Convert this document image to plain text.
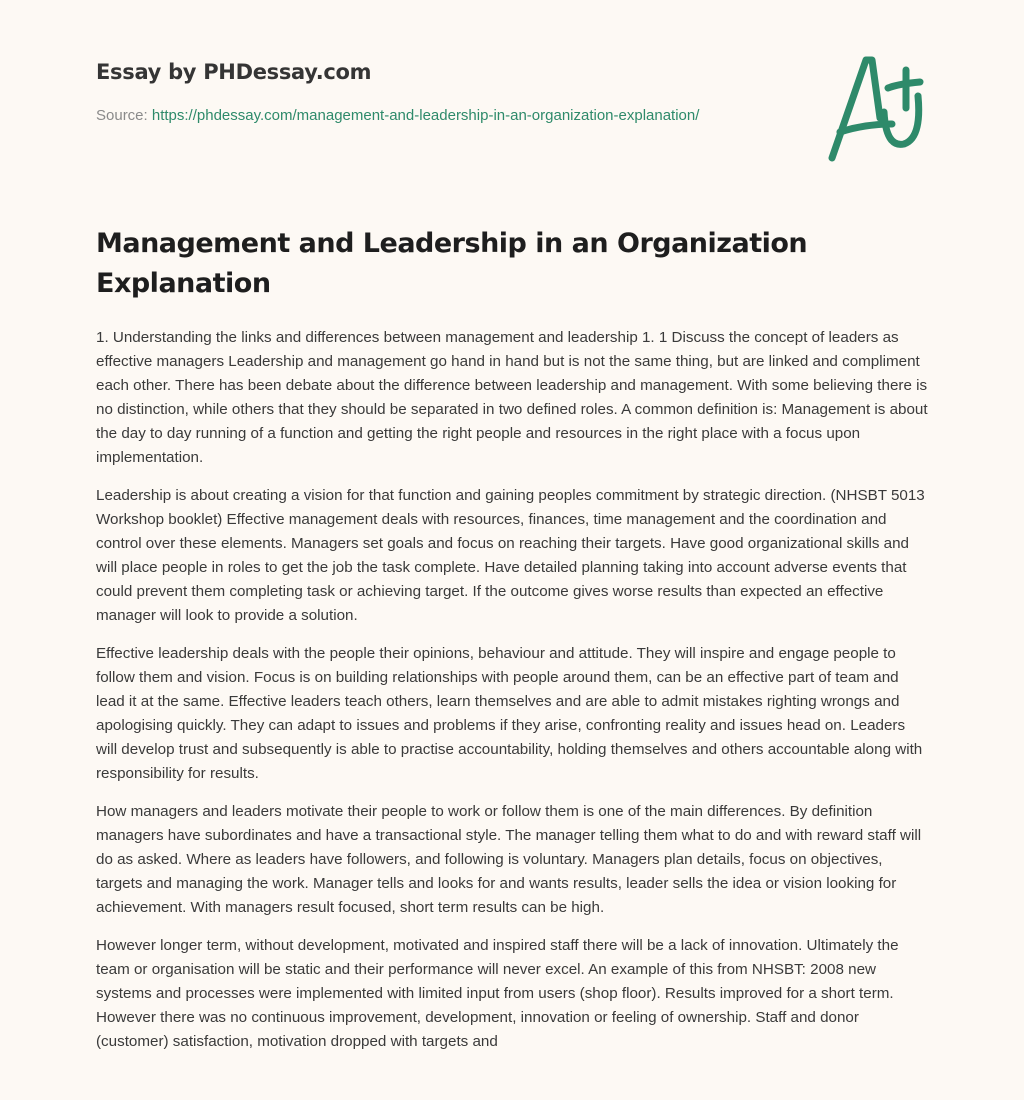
Essay by PHDessay.com
Source: https://phdessay.com/management-and-leadership-in-an-organization-explanation/
Management and Leadership in an Organization Explanation

1. Understanding the links and differences between management and leadership 1. 1 Discuss the concept of leaders as effective managers Leadership and management go hand in hand but is not the same thing, but are linked and compliment each other. There has been debate about the difference between leadership and management. With some believing there is no distinction, while others that they should be separated in two defined roles. A common definition is: Management is about the day to day running of a function and getting the right people and resources in the right place with a focus upon implementation.

Leadership is about creating a vision for that function and gaining peoples commitment by strategic direction. (NHSBT 5013 Workshop booklet) Effective management deals with resources, finances, time management and the coordination and control over these elements. Managers set goals and focus on reaching their targets. Have good organizational skills and will place people in roles to get the job the task complete. Have detailed planning taking into account adverse events that could prevent them completing task or achieving target. If the outcome gives worse results than expected an effective manager will look to provide a solution.

Effective leadership deals with the people their opinions, behaviour and attitude. They will inspire and engage people to follow them and vision. Focus is on building relationships with people around them, can be an effective part of team and lead it at the same. Effective leaders teach others, learn themselves and are able to admit mistakes righting wrongs and apologising quickly. They can adapt to issues and problems if they arise, confronting reality and issues head on. Leaders will develop trust and subsequently is able to practise accountability, holding themselves and others accountable along with responsibility for results.

How managers and leaders motivate their people to work or follow them is one of the main differences. By definition managers have subordinates and have a transactional style. The manager telling them what to do and with reward staff will do as asked. Where as leaders have followers, and following is voluntary. Managers plan details, focus on objectives, targets and managing the work. Manager tells and looks for and wants results, leader sells the idea or vision looking for achievement. With managers result focused, short term results can be high.

However longer term, without development, motivated and inspired staff there will be a lack of innovation. Ultimately the team or organisation will be static and their performance will never excel. An example of this from NHSBT: 2008 new systems and processes were implemented with limited input from users (shop floor). Results improved for a short term. However there was no continuous improvement, development, innovation or feeling of ownership. Staff and donor (customer) satisfaction, motivation dropped with targets and
